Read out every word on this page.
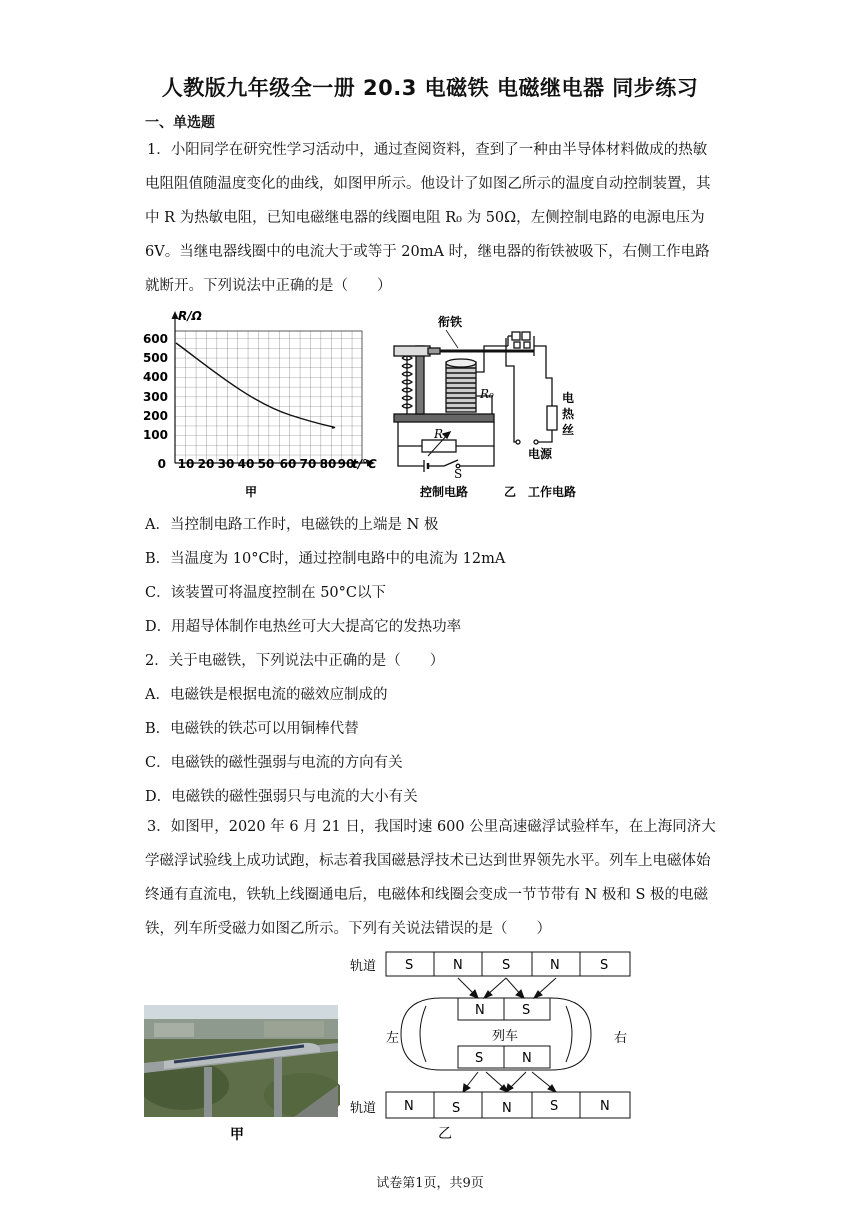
人教版九年级全一册 20.3 电磁铁 电磁继电器 同步练习
一、单选题
1．小阳同学在研究性学习活动中，通过查阅资料，查到了一种由半导体材料做成的热敏电阻阻值随温度变化的曲线，如图甲所示。他设计了如图乙所示的温度自动控制装置，其中 R 为热敏电阻，已知电磁继电器的线圈电阻 R₀ 为 50Ω，左侧控制电路的电源电压为 6V。当继电器线圈中的电流大于或等于 20mA 时，继电器的衔铁被吸下，右侧工作电路就断开。下列说法中正确的是（　　）
R/Ω
600
500
400
300
200
100
0 10 20 30 40 50 60 70 80 90
t/℃
甲
衔铁
R₀
R
S
电
热
丝
电源
控制电路	乙 工作电路
A．当控制电路工作时，电磁铁的上端是 N 极
B．当温度为 10°C时，通过控制电路中的电流为 12mA
C．该装置可将温度控制在 50°C以下
D．用超导体制作电热丝可大大提高它的发热功率
2．关于电磁铁，下列说法中正确的是（　　）
A．电磁铁是根据电流的磁效应制成的
B．电磁铁的铁芯可以用铜棒代替
C．电磁铁的磁性强弱与电流的方向有关
D．电磁铁的磁性强弱只与电流的大小有关
3．如图甲，2020 年 6 月 21 日，我国时速 600 公里高速磁浮试验样车，在上海同济大学磁浮试验线上成功试跑，标志着我国磁悬浮技术已达到世界领先水平。列车上电磁体始终通有直流电，铁轨上线圈通电后，电磁体和线圈会变成一节节带有 N 极和 S 极的电磁铁，列车所受磁力如图乙所示。下列有关说法错误的是（　　）
甲
轨道 S	N	S	N	S
N	S
列车
S	N
左	右
轨道 N	S	N	S	N
乙
试卷第1页，共9页
